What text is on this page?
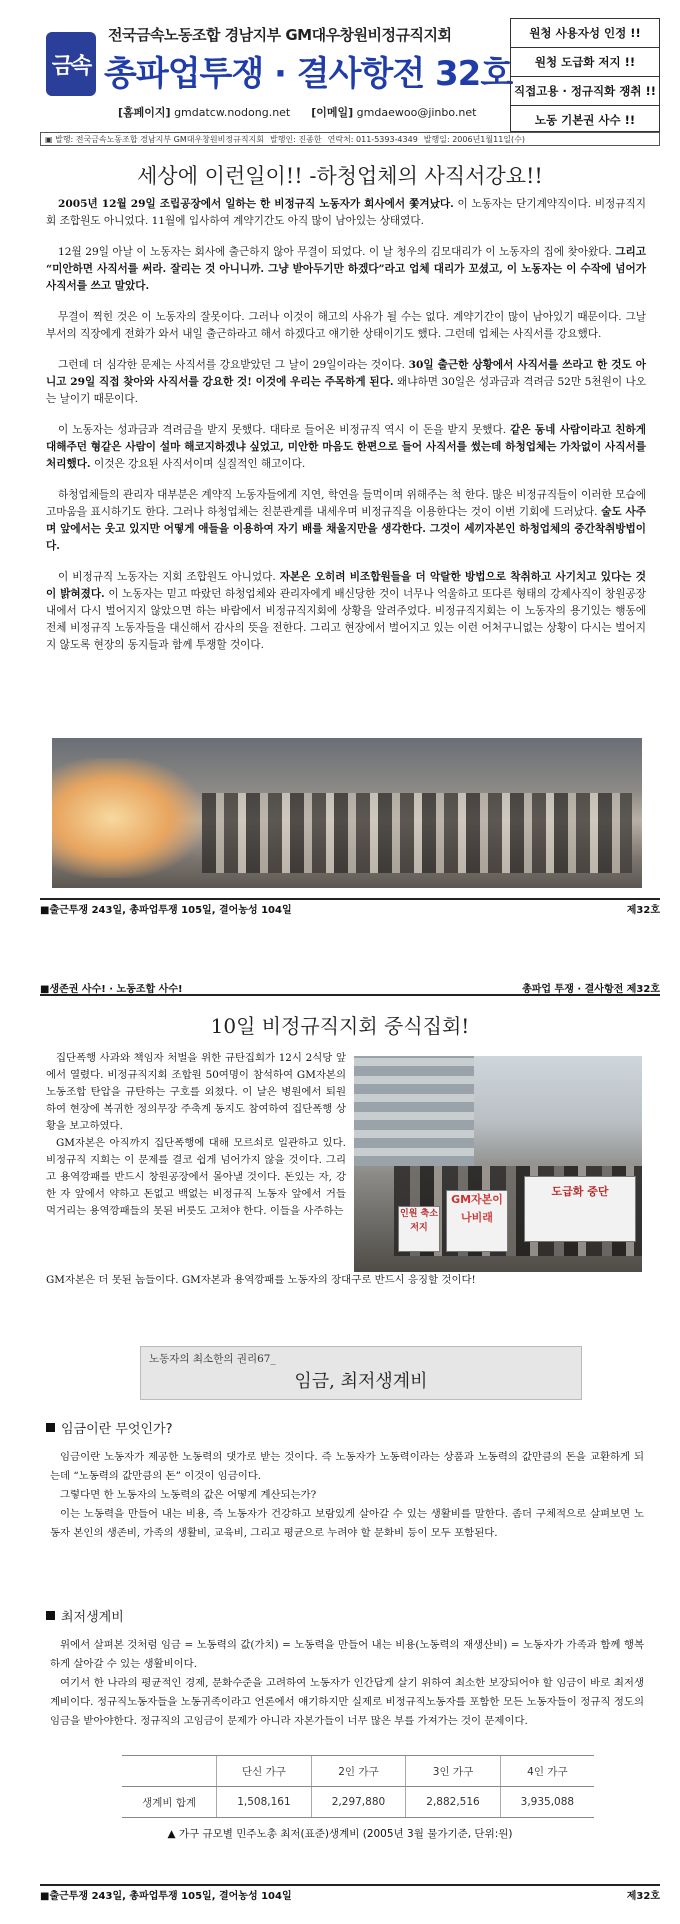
금속
전국금속노동조합 경남지부 GM대우창원비정규직지회
총파업투쟁 · 결사항전 32호
[홈페이지] gmdatcw.nodong.net [이메일] gmdaewoo@jinbo.net
원청 사용자성 인정 !!
원청 도급화 저지 !!
직접고용 · 정규직화 쟁취 !!
노동 기본권 사수 !!
▣ 발행: 전국금속노동조합 경남지부 GM대우창원비정규직지회 발행인: 진종한 연락처: 011-5393-4349 발행일: 2006년1월11일(수)
세상에 이런일이!! -하청업체의 사직서강요!!

2005년 12월 29일 조립공장에서 일하는 한 비정규직 노동자가 회사에서 쫓겨났다. 이 노동자는 단기계약직이다. 비정규직지회 조합원도 아니었다. 11월에 입사하여 계약기간도 아직 많이 남아있는 상태였다.

12월 29일 아날 이 노동자는 회사에 출근하지 않아 무결이 되었다. 이 날 청우의 김모대리가 이 노동자의 집에 찾아왔다. 그리고 “미안하면 사직서를 써라. 잘리는 것 아니니까. 그냥 받아두기만 하겠다”라고 업체 대리가 꼬셨고, 이 노동자는 이 수작에 넘어가 사직서를 쓰고 말았다.

무결이 찍힌 것은 이 노동자의 잘못이다. 그러나 이것이 해고의 사유가 될 수는 없다. 계약기간이 많이 남아있기 때문이다. 그날 부서의 직장에게 전화가 와서 내일 출근하라고 해서 하겠다고 얘기한 상태이기도 했다. 그런데 업체는 사직서를 강요했다.

그런데 더 심각한 문제는 사직서를 강요받았던 그 날이 29일이라는 것이다. 30일 출근한 상황에서 사직서를 쓰라고 한 것도 아니고 29일 직접 찾아와 사직서를 강요한 것! 이것에 우리는 주목하게 된다. 왜냐하면 30일은 성과금과 격려금 52만 5천원이 나오는 날이기 때문이다.

이 노동자는 성과금과 격려금을 받지 못했다. 대타로 들어온 비정규직 역시 이 돈을 받지 못했다. 같은 동네 사람이라고 친하게 대해주던 형같은 사람이 설마 해코지하겠냐 싶었고, 미안한 마음도 한편으로 들어 사직서를 썼는데 하청업체는 가차없이 사직서를 처리했다. 이것은 강요된 사직서이며 실질적인 해고이다.

하청업체들의 관리자 대부분은 계약직 노동자들에게 지연, 학연을 들먹이며 위해주는 척 한다. 많은 비정규직들이 이러한 모습에 고마움을 표시하기도 한다. 그러나 하청업체는 친분관계를 내세우며 비정규직을 이용한다는 것이 이번 기회에 드러났다. 술도 사주며 앞에서는 웃고 있지만 어떻게 애들을 이용하여 자기 배를 채울지만을 생각한다. 그것이 세끼자본인 하청업체의 중간착취방법이다.

이 비정규직 노동자는 지회 조합원도 아니었다. 자본은 오히려 비조합원들을 더 악랄한 방법으로 착취하고 사기치고 있다는 것이 밝혀졌다. 이 노동자는 믿고 따랐던 하청업체와 관리자에게 배신당한 것이 너무나 억울하고 또다른 형태의 강제사직이 창원공장 내에서 다시 벌어지지 않았으면 하는 바람에서 비정규직지회에 상황을 알려주었다. 비정규직지회는 이 노동자의 용기있는 행동에 전체 비정규직 노동자들을 대신해서 감사의 뜻을 전한다. 그리고 현장에서 벌어지고 있는 이런 어처구니없는 상황이 다시는 벌어지지 않도록 현장의 동지들과 함께 투쟁할 것이다.

■출근투쟁 243일, 총파업투쟁 105일, 결어농성 104일	제32호
■생존권 사수! · 노동조합 사수!	총파업 투쟁 · 결사항전 제32호
10일 비정규직지회 중식집회!

집단폭행 사과와 책임자 처벌을 위한 규탄집회가 12시 2식당 앞에서 열렸다. 비정규직지회 조합원 50여명이 참석하여 GM자본의 노동조합 탄압을 규탄하는 구호를 외쳤다. 이 날은 병원에서 퇴원하여 현장에 복귀한 정의무장 주축계 동지도 참여하여 집단폭행 상황을 보고하였다.

GM자본은 아직까지 집단폭행에 대해 모르쇠로 일관하고 있다. 비정규직 지회는 이 문제를 결코 쉽게 넘어가지 않을 것이다. 그리고 용역깡패를 반드시 창원공장에서 몰아낼 것이다. 돈있는 자, 강한 자 앞에서 약하고 돈없고 백없는 비정규직 노동자 앞에서 거들먹거리는 용역깡패들의 못된 버릇도 고쳐야 한다. 이들을 사주하는

도급화 중단
GM자본이 나비래
인원 축소 저지
GM자본은 더 못된 놈들이다. GM자본과 용역깡패를 노동자의 장대구로 반드시 응징할 것이다!
노동자의 최소한의 권리67_
임금, 최저생계비
임금이란 무엇인가?

임금이란 노동자가 제공한 노동력의 댓가로 받는 것이다. 즉 노동자가 노동력이라는 상품과 노동력의 값만큼의 돈을 교환하게 되는데 “노동력의 값만큼의 돈” 이것이 임금이다.

그렇다면 한 노동자의 노동력의 값은 어떻게 계산되는가?

이는 노동력을 만들어 내는 비용, 즉 노동자가 건강하고 보람있게 살아갈 수 있는 생활비를 말한다. 좀더 구체적으로 살펴보면 노동자 본인의 생존비, 가족의 생활비, 교육비, 그리고 평균으로 누려야 할 문화비 등이 모두 포함된다.

최저생계비

위에서 살펴본 것처럼 임금 = 노동력의 값(가치) = 노동력을 만들어 내는 비용(노동력의 재생산비) = 노동자가 가족과 함께 행복하게 살아갈 수 있는 생활비이다.

여기서 한 나라의 평균적인 경제, 문화수준을 고려하여 노동자가 인간답게 살기 위하여 최소한 보장되어야 할 임금이 바로 최저생계비이다. 정규직노동자들을 노동귀족이라고 언론에서 얘기하지만 실제로 비정규직노동자를 포함한 모든 노동자들이 정규직 정도의 임금을 받아야한다. 정규직의 고임금이 문제가 아니라 자본가들이 너무 많은 부를 가져가는 것이 문제이다.

	단신 가구	2인 가구	3인 가구	4인 가구
생계비 합계	1,508,161	2,297,880	2,882,516	3,935,088
▲ 가구 규모별 민주노총 최저(표준)생계비 (2005년 3월 물가기준, 단위:원)
■출근투쟁 243일, 총파업투쟁 105일, 결어농성 104일	제32호
